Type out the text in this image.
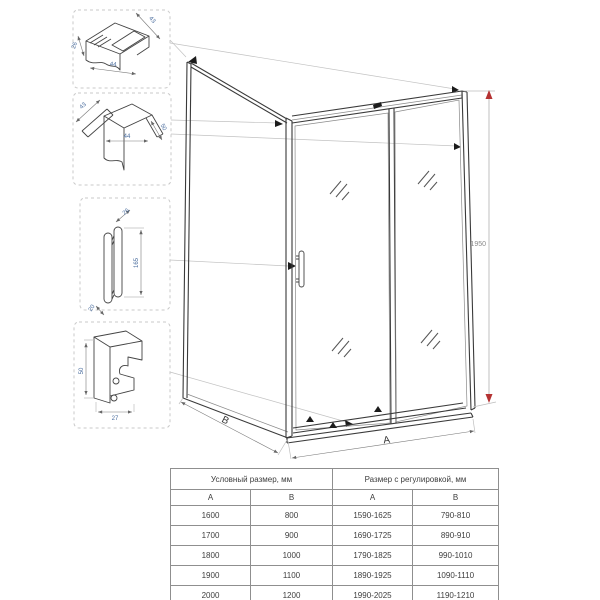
43
26
44
43
44
50
26
165
20
50
27
1950
A
B
Условный размер, мм		Размер с регулировкой, мм	
A	B	A	B
1600	800	1590-1625	790-810
1700	900	1690-1725	890-910
1800	1000	1790-1825	990-1010
1900	1100	1890-1925	1090-1110
2000	1200	1990-2025	1190-1210
